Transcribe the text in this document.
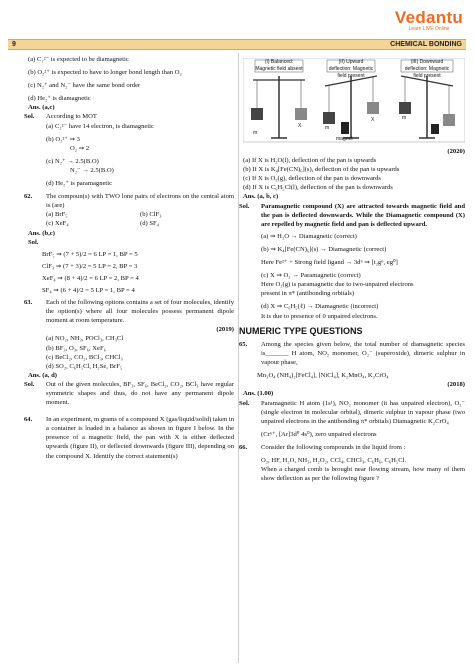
Vedantu
Learn LIVE Online
9	CHEMICAL BONDING
(a) C₂²⁻ is expected to be diamagnetic
(b) O₂²⁺ is expected to have to longer bond length than O₂
(c) N₂⁺ and N₂⁻ have the same bond order
(d) He₂⁺ is diamagnetic
Ans. (a,c)
Sol. According to MOT
(a) C₂²⁻ have 14 electron, is diamagnetic
(b) O₂²⁺ ⇒ 3
O₂ ⇒ 2
(c) N₂⁺ → 2.5(B.O)
N₂⁻ → 2.5(B.O)
(d) He₂⁺ is paramagnetic
62. The compoun(s) with TWO lone pairs of electrons on the central atom is (are)
(a) BrF₅	(b) ClF₃
(c) XeF₄	(d) SF₄
Ans. (b,c)
Sol.
BrF₅ ⇒ (7 + 5)/2 = 6 LP = 1, BP = 5
ClF₃ ⇒ (7 + 3)/2 = 5 LP = 2, BP = 3
XeF₄ ⇒ (8 + 4)/2 = 6 LP = 2, BP = 4
SF₄ ⇒ (6 + 4)/2 = 5 LP = 1, BP = 4
63. Each of the following options contains a set of four molecules, identify the option(s) where all four molecules possess permanent dipole moment at room temperature.
(2019)
(a) NO₂, NH₃, POCl₃, CH₃Cl
(b) BF₃, O₃, SF₆, XeF₆
(c) BeCl₂, CO₂, BCl₃, CHCl₃
(d) SO₂, C₆H₅Cl, H₂Se, BrF₅
Ans. (a, d)
Sol. Out of the given molecules, BF₃, SF₆, BeCl₂, CO₂, BCl₃ have regular symmetric shapes and thus, do not have any permanent dipole moment.
64. In an experiment, m grams of a compound X (gas/liquid/solid) taken in a container is loaded in a balance as shown in figure I below. In the presence of a magnetic field, the pan with X is either deflected upwards (figure II), or deflected downwards (figure III), depending on the compound X. Identify the correct statement(s)
(I) Balanced: Magnetic field absent
(II) Upward deflection: Magnetic field present
(III) Downward deflection: Magnetic field present
m
X
X
magnet
m
m
(2020)
(a) If X is H₂O(l), deflection of the pan is upwards
(b) If X is K₄[Fe(CN)₆](s), deflection of the pan is upwards
(c) If X is O₂(g), deflection of the pan is downwards
(d) If X is C₆H₅Cl(l), deflection of the pan is downwards
Ans. (a, b, c)
Sol. Paramagnetic compound (X) are attracted towards magnetic field and the pan is deflected downwards. While the Diamagnetic compound (X) are repelled by magnetic field and pan is deflected upward.
(a) ⇒ H₂O → Diamagnetic (correct)
(b) ⇒ K₄[Fe(CN)₆](s) → Diamagnetic (correct)
Here Fe²⁺ + Strong field ligand → 3d⁶ ⇒ [t₂g⁶, eg⁰]
(c) X ⇒ O₂ → Paramagnetic (correct)
Here O₂(g) is paramagnetic due to two-unpaired electrons
present in π* (antibonding orbitals)
(d) X ⇒ C₆H₅(ℓ) → Diamagnetic (incorrect)
It is due to presence of 0 unpaired electrons.
NUMERIC TYPE QUESTIONS
65. Among the species given below, the total number of diamagnetic species is_______ H atom, NO₂ monomer, O₂⁻ (superoxide), dimeric sulphur in vapour phase,
Mn₃O₄ (NH₄)₂[FeCl₄], [NiCl₄], K₂MnO₄, K₂CrO₄
(2018)
Ans. (1.00)
Sol. Paramagnetic H atom (1s¹), NO₂ monomer (it has unpaired electron), O₂⁻ (single electron in molecular orbital), dimeric sulphur in vapour phase (two unpaired electrons in the antibonding π* orbitals) Diamagnetic K₂CrO₄
(Cr⁶⁺, [Ar]3d⁰ 4s⁰), zero unpaired electrons
66. Consider the following compounds in the liquid from :
O₂, HF, H₂O, NH₃, H₂O₂, CCl₄, CHCl₃, C₆H₆, C₆H₅Cl.
When a charged comb is brought near flowing stream, how many of them show deflection as per the following figure ?
